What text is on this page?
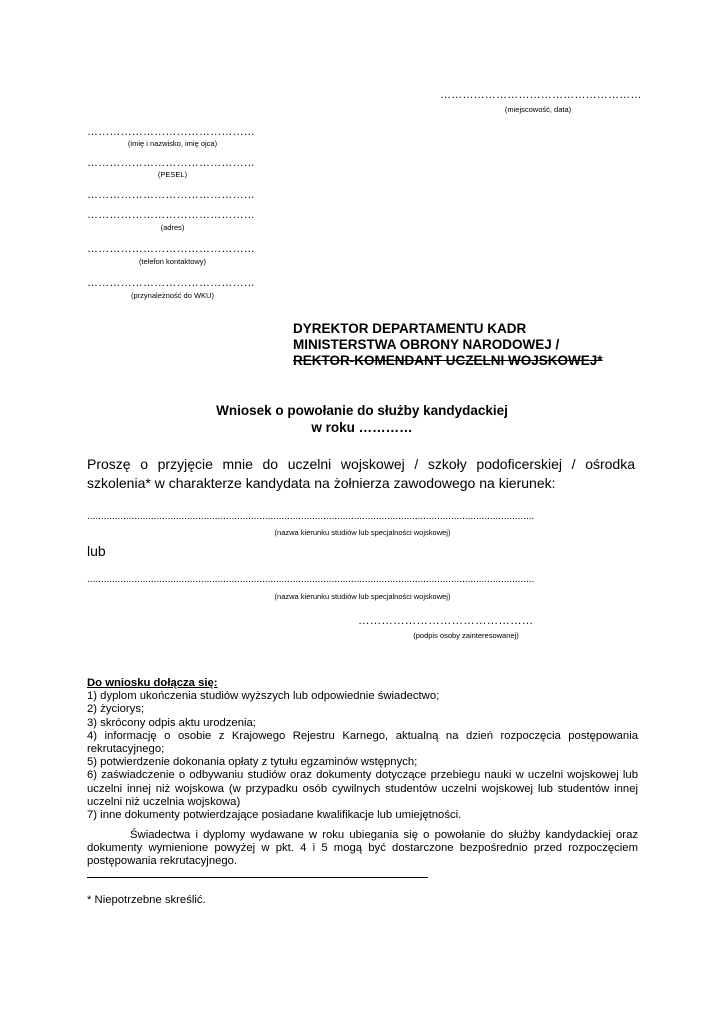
………………………………………………
(miejscowość, data)
………………………………………
(imię i nazwisko, imię ojca)
………………………………………
(PESEL)
………………………………………
………………………………………
(adres)
………………………………………
(telefon kontaktowy)
………………………………………
(przynależność do WKU)
DYREKTOR DEPARTAMENTU KADR
MINISTERSTWA OBRONY NARODOWEJ /
REKTOR-KOMENDANT UCZELNI WOJSKOWEJ*
Wniosek o powołanie do służby kandydackiej
w roku …………
Proszę o przyjęcie mnie do uczelni wojskowej / szkoły podoficerskiej / ośrodka szkolenia* w charakterze kandydata na żołnierza zawodowego na kierunek:
.................................................................................................................................................................
(nazwa kierunku studiów lub specjalności wojskowej)
lub
.................................................................................................................................................................
(nazwa kierunku studiów lub specjalności wojskowej)
………………………………………
(podpis osoby zainteresowanej)

Do wniosku dołącza się:

1) dyplom ukończenia studiów wyższych lub odpowiednie świadectwo;

2) życiorys;

3) skrócony odpis aktu urodzenia;

4) informację o osobie z Krajowego Rejestru Karnego, aktualną na dzień rozpoczęcia postępowania rekrutacyjnego;

5) potwierdzenie dokonania opłaty z tytułu egzaminów wstępnych;

6) zaświadczenie o odbywaniu studiów oraz dokumenty dotyczące przebiegu nauki w uczelni wojskowej lub uczelni innej niż wojskowa (w przypadku osób cywilnych studentów uczelni wojskowej lub studentów innej uczelni niż uczelnia wojskowa)

7) inne dokumenty potwierdzające posiadane kwalifikacje lub umiejętności.

Świadectwa i dyplomy wydawane w roku ubiegania się o powołanie do służby kandydackiej oraz dokumenty wymienione powyżej w pkt. 4 i 5 mogą być dostarczone bezpośrednio przed rozpoczęciem postępowania rekrutacyjnego.
* Niepotrzebne skreślić.
